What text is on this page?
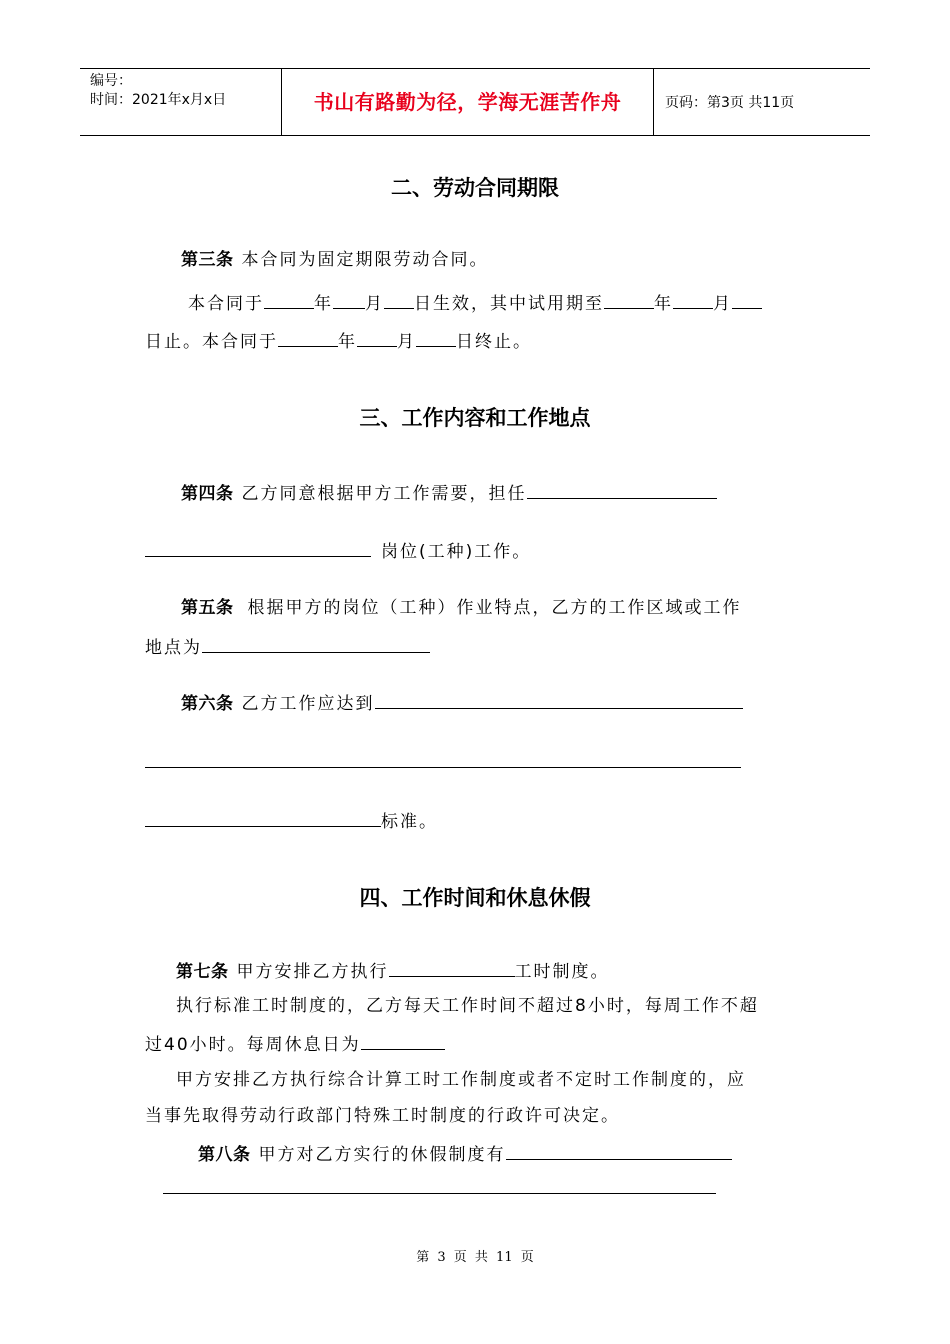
编号：
时间：2021年x月x日	书山有路勤为径，学海无涯苦作舟	页码：第3页 共11页
二、劳动合同期限
第三条 本合同为固定期限劳动合同。
本合同于	年 月 日生效，其中试用期至	年 月
日止。本合同于	年 月 日终止。
三、工作内容和工作地点
第四条 乙方同意根据甲方工作需要，担任
岗位(工种)工作。
第五条 根据甲方的岗位（工种）作业特点，乙方的工作区域或工作
地点为
第六条 乙方工作应达到
标准。
四、工作时间和休息休假
第七条 甲方安排乙方执行	工时制度。
执行标准工时制度的，乙方每天工作时间不超过8小时，每周工作不超
过40小时。每周休息日为
甲方安排乙方执行综合计算工时工作制度或者不定时工作制度的，应
当事先取得劳动行政部门特殊工时制度的行政许可决定。
第八条 甲方对乙方实行的休假制度有
第 3 页 共 11 页
